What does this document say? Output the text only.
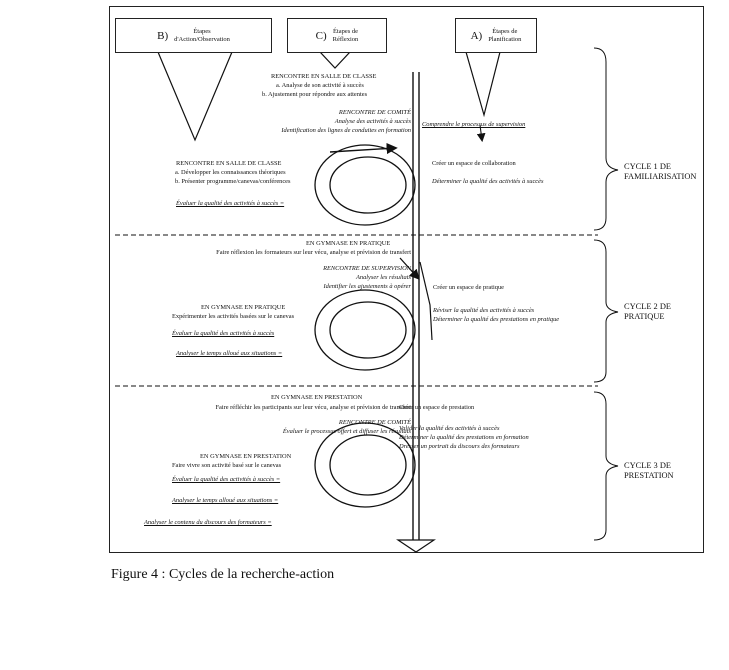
B)	Étapes
d'Action/Observation	C) Étapes de
Réflexion	A)	Étapes de
Planification
RENCONTRE EN SALLE DE CLASSE
a. Analyse de son activité à succès
b. Ajustement pour répondre aux attentes
RENCONTRE DE COMITÉ
Analyse des activités à succès
Identification des lignes de conduites en formation
Comprendre le processus de supervision
Créer un espace de collaboration
Déterminer la qualité des activités à succès
RENCONTRE EN SALLE DE CLASSE
a. Développer les connaissances théoriques
b. Présenter programme/canevas/conférences
Évaluer la qualité des activités à succès =
CYCLE 1 DE
FAMILIARISATION
EN GYMNASE EN PRATIQUE
Faire réflexion les formateurs sur leur vécu, analyse et prévision de transfert
RENCONTRE DE SUPERVISION
Analyser les résultats
Identifier les ajustements à opérer	Créer un espace de pratique
Réviser la qualité des activités à succès
Déterminer la qualité des prestations en pratique
EN GYMNASE EN PRATIQUE
Expérimenter les activités basées sur le canevas
Évaluer la qualité des activités à succès
Analyser le temps alloué aux situations =
CYCLE 2 DE
PRATIQUE
EN GYMNASE EN PRESTATION
Faire réfléchir les participants sur leur vécu, analyse et prévision de transfert
RENCONTRE DE COMITÉ
Évaluer le processus offert et diffuser les résultats
Créer un espace de prestation
Valider la qualité des activités à succès
Déterminer la qualité des prestations en formation
Dresser un portrait du discours des formateurs
EN GYMNASE EN PRESTATION
Faire vivre son activité basé sur le canevas
Évaluer la qualité des activités à succès =
Analyser le temps alloué aux situations =
Analyser le contenu du discours des formateurs =
CYCLE 3 DE
PRESTATION
Figure 4 : Cycles de la recherche-action
